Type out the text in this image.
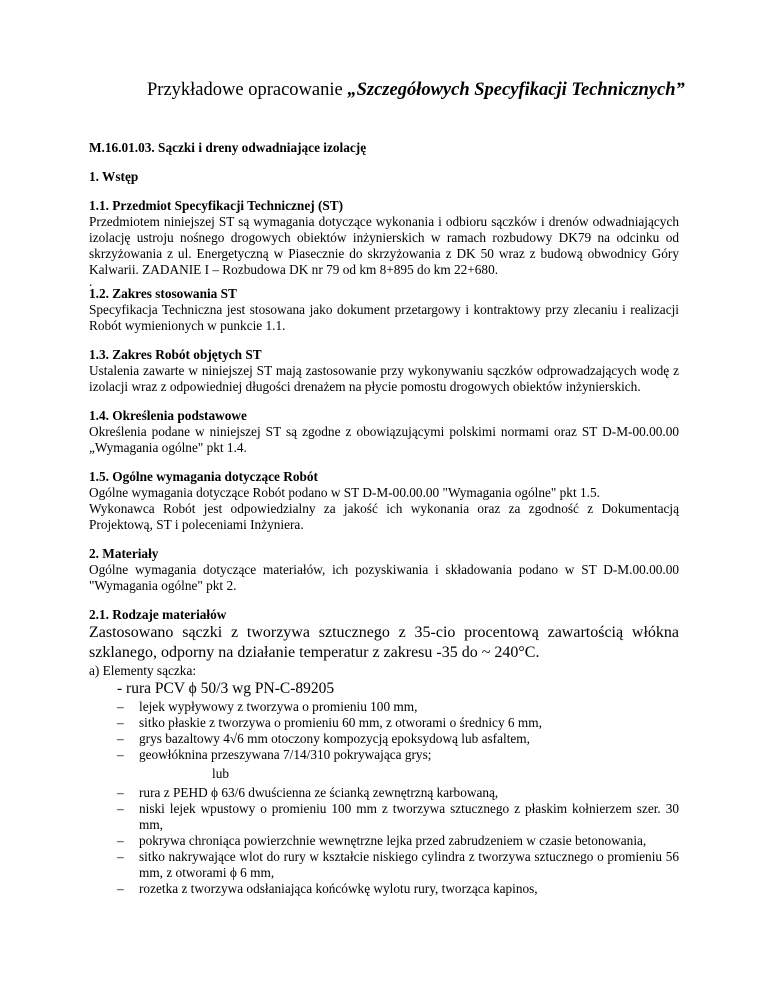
Przykładowe opracowanie „Szczegółowych Specyfikacji Technicznych”

M.16.01.03. Sączki i dreny odwadniające izolację

1. Wstęp

1.1. Przedmiot Specyfikacji Technicznej (ST)

Przedmiotem niniejszej ST są wymagania dotyczące wykonania i odbioru sączków i drenów odwadniających izolację ustroju nośnego drogowych obiektów inżynierskich w ramach rozbudowy DK79 na odcinku od skrzyżowania z ul. Energetyczną w Piasecznie do skrzyżowania z DK 50 wraz z budową obwodnicy Góry Kalwarii. ZADANIE I – Rozbudowa DK nr 79 od km 8+895 do km 22+680.

.

1.2. Zakres stosowania ST

Specyfikacja Techniczna jest stosowana jako dokument przetargowy i kontraktowy przy zlecaniu i realizacji Robót wymienionych w punkcie 1.1.

1.3. Zakres Robót objętych ST

Ustalenia zawarte w niniejszej ST mają zastosowanie przy wykonywaniu sączków odprowadzających wodę z izolacji wraz z odpowiedniej długości drenażem na płycie pomostu drogowych obiektów inżynierskich.

1.4. Określenia podstawowe

Określenia podane w niniejszej ST są zgodne z obowiązującymi polskimi normami oraz ST D-M-00.00.00 „Wymagania ogólne" pkt 1.4.

1.5. Ogólne wymagania dotyczące Robót

Ogólne wymagania dotyczące Robót podano w ST D-M-00.00.00 "Wymagania ogólne" pkt 1.5.

Wykonawca Robót jest odpowiedzialny za jakość ich wykonania oraz za zgodność z Dokumentacją Projektową, ST i poleceniami Inżyniera.

2. Materiały

Ogólne wymagania dotyczące materiałów, ich pozyskiwania i składowania podano w ST D-M.00.00.00 "Wymagania ogólne" pkt 2.

2.1. Rodzaje materiałów

Zastosowano sączki z tworzywa sztucznego z 35-cio procentową zawartością włókna szklanego, odporny na działanie temperatur z zakresu -35 do ~ 240°C.

a) Elementy sączka:

- rura PCV ϕ 50/3 wg PN-C-89205

– lejek wypływowy z tworzywa o promieniu 100 mm,
– sitko płaskie z tworzywa o promieniu 60 mm, z otworami o średnicy 6 mm,
– grys bazaltowy 4√6 mm otoczony kompozycją epoksydową lub asfaltem,
– geowłóknina przeszywana 7/14/310 pokrywająca grys;

lub

– rura z PEHD ϕ 63/6 dwuścienna ze ścianką zewnętrzną karbowaną,
– niski lejek wpustowy o promieniu 100 mm z tworzywa sztucznego z płaskim kołnierzem szer. 30 mm,
– pokrywa chroniąca powierzchnie wewnętrzne lejka przed zabrudzeniem w czasie betonowania,
– sitko nakrywające wlot do rury w kształcie niskiego cylindra z tworzywa sztucznego o promieniu 56 mm, z otworami ϕ 6 mm,
– rozetka z tworzywa odsłaniająca końcówkę wylotu rury, tworząca kapinos,
